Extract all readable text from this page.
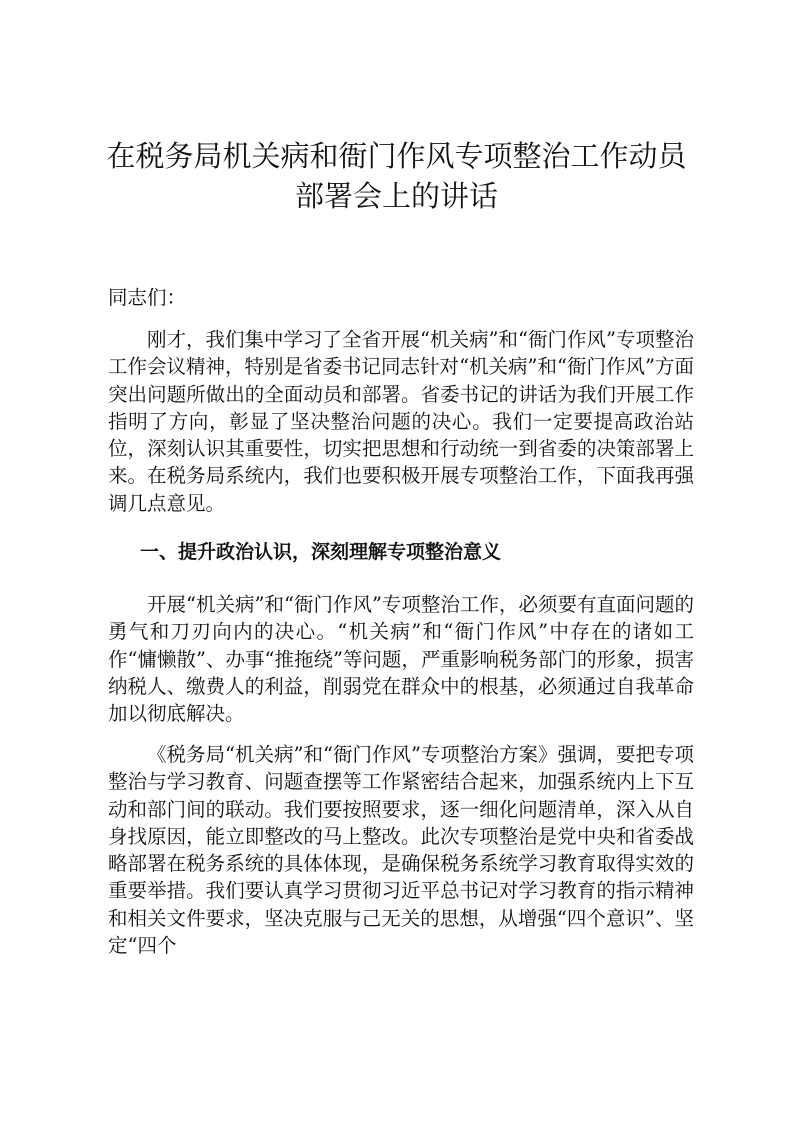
在税务局机关病和衙门作风专项整治工作动员
部署会上的讲话

同志们：

刚才，我们集中学习了全省开展“机关病”和“衙门作风”专项整治工作会议精神，特别是省委书记同志针对“机关病”和“衙门作风”方面突出问题所做出的全面动员和部署。省委书记的讲话为我们开展工作指明了方向，彰显了坚决整治问题的决心。我们一定要提高政治站位，深刻认识其重要性，切实把思想和行动统一到省委的决策部署上来。在税务局系统内，我们也要积极开展专项整治工作，下面我再强调几点意见。

一、提升政治认识，深刻理解专项整治意义

开展“机关病”和“衙门作风”专项整治工作，必须要有直面问题的勇气和刀刃向内的决心。“机关病”和“衙门作风”中存在的诸如工作“慵懒散”、办事“推拖绕”等问题，严重影响税务部门的形象，损害纳税人、缴费人的利益，削弱党在群众中的根基，必须通过自我革命加以彻底解决。

《税务局“机关病”和“衙门作风”专项整治方案》强调，要把专项整治与学习教育、问题查摆等工作紧密结合起来，加强系统内上下互动和部门间的联动。我们要按照要求，逐一细化问题清单，深入从自身找原因，能立即整改的马上整改。此次专项整治是党中央和省委战略部署在税务系统的具体体现，是确保税务系统学习教育取得实效的重要举措。我们要认真学习贯彻习近平总书记对学习教育的指示精神和相关文件要求，坚决克服与己无关的思想，从增强“四个意识”、坚定“四个
